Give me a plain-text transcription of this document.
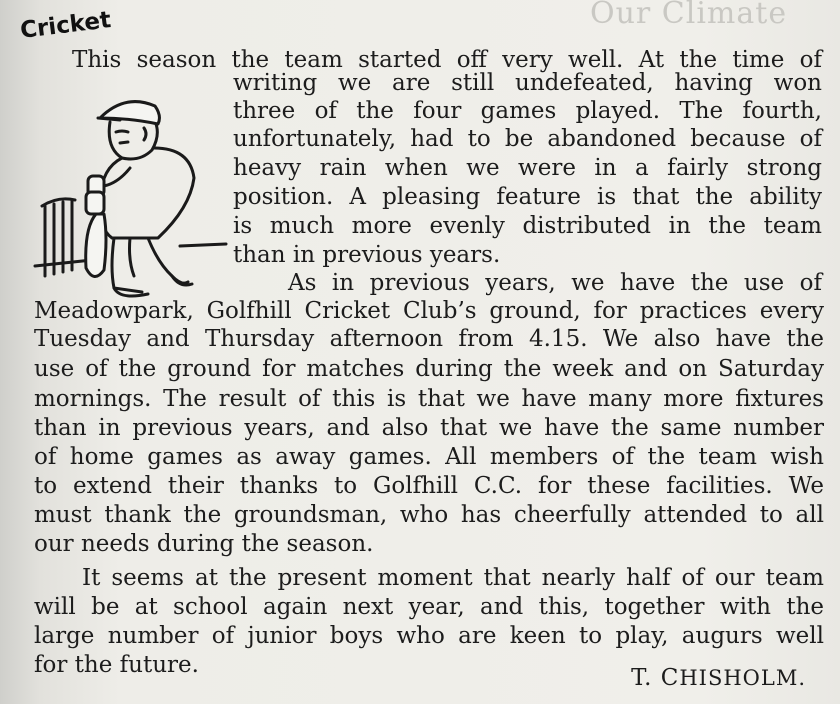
Our Climate
Cricket
This season the team started off very well. At the time of
writing we are still undefeated, having won
three of the four games played. The fourth,
unfortunately, had to be abandoned because of
heavy rain when we were in a fairly strong
position. A pleasing feature is that the ability
is much more evenly distributed in the team
than in previous years.
As in previous years, we have the use of
Meadowpark, Golfhill Cricket Club’s ground, for practices every
Tuesday and Thursday afternoon from 4.15. We also have the
use of the ground for matches during the week and on Saturday
mornings. The result of this is that we have many more fixtures
than in previous years, and also that we have the same number
of home games as away games. All members of the team wish
to extend their thanks to Golfhill C.C. for these facilities. We
must thank the groundsman, who has cheerfully attended to all
our needs during the season.
It seems at the present moment that nearly half of our team
will be at school again next year, and this, together with the
large number of junior boys who are keen to play, augurs well
for the future.	T. CHISHOLM.
